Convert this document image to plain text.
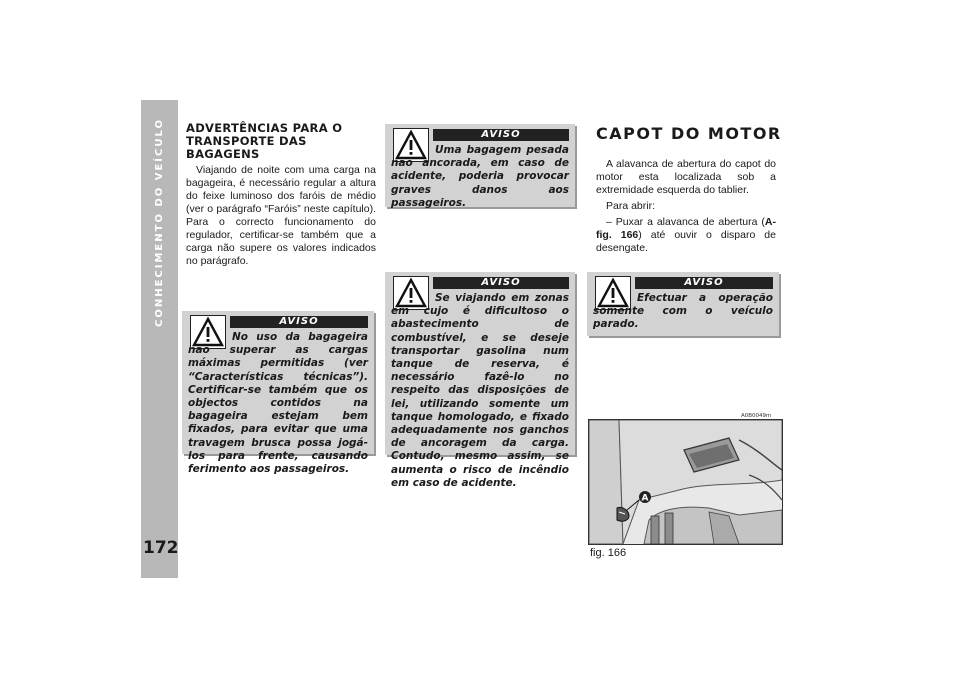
CONHECIMENTO DO VEÍCULO
172
ADVERTÊNCIAS PARA O
TRANSPORTE DAS BAGAGENS

Viajando de noite com uma carga na bagageira, é necessário regular a altura do feixe luminoso dos faróis de médio (ver o parágrafo “Faróis” neste capítulo). Para o correcto funcionamento do regulador, certificar-se também que a carga não supere os valores indicados no parágrafo.

AVISO

No uso da bagageira não superar as cargas máximas permitidas (ver “Características técnicas”). Certificar-se também que os objectos contidos na bagageira estejam bem fixados, para evitar que uma travagem brusca possa jogá-los para frente, causando ferimento aos passageiros.

AVISO

Uma bagagem pesada não ancorada, em caso de acidente, poderia provocar graves danos aos passageiros.

AVISO

Se viajando em zonas em cujo é dificultoso o abastecimento de combustível, e se deseje transportar gasolina num tanque de reserva, é necessário fazê-lo no respeito das disposições de lei, utilizando somente um tanque homologado, e fixado adequadamente nos ganchos de ancoragem da carga. Contudo, mesmo assim, se aumenta o risco de incêndio em caso de acidente.

CAPOT DO MOTOR

A alavanca de abertura do capot do motor esta localizada sob a extremidade esquerda do tablier.

Para abrir:

– Puxar a alavanca de abertura (A-fig. 166) até ouvir o disparo de desengate.

AVISO

Efectuar a operação somente com o veículo parado.

A0B0049m
A
fig. 166
